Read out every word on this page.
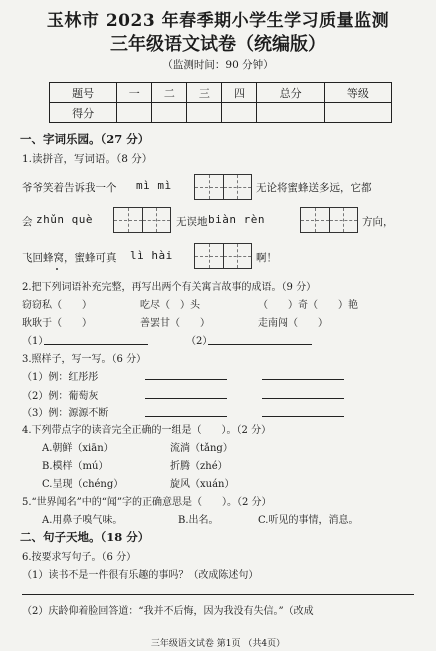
玉林市 2023 年春季期小学生学习质量监测
三年级语文试卷（统编版）
（监测时间：90 分钟）
题号	一	二	三	四	总分	等级
得分						
一、字词乐园。（27 分）
1.读拼音，写词语。（8 分）
爷爷笑着告诉我一个 mì mì	无论将蜜蜂送多远，它都
会 zhǔn què	无误地 biàn rèn	方向，
飞回蜂窝，蜜蜂可真 lì hài	啊！
2.把下列词语补充完整，再写出两个有关寓言故事的成语。（9 分）
窃窃私（　　）	吃尽（　）头	（　　）奇（　　）艳
耿耿于（　　）	善罢甘（　　）	走南闯（　　）
（1）	（2）
3.照样子，写一写。（6 分）
（1）例：红彤彤
（2）例：葡萄灰
（3）例：源源不断
4.下列带点字的读音完全正确的一组是（　　）。（2 分）
A.朝鲜（xiān）	流淌（tǎng）
B.模样（mú）	折腾（zhé）
C.呈现（chéng）	旋风（xuán）
5.“世界闻名”中的“闻”字的正确意思是（　　）。（2 分）
A.用鼻子嗅气味。	B.出名。	C.听见的事情，消息。
二、句子天地。（18 分）
6.按要求写句子。（6 分）
（1）读书不是一件很有乐趣的事吗？（改成陈述句）
（2）庆龄仰着脸回答道：“我并不后悔，因为我没有失信。”（改成
三年级语文试卷 第1页 （共4页）
